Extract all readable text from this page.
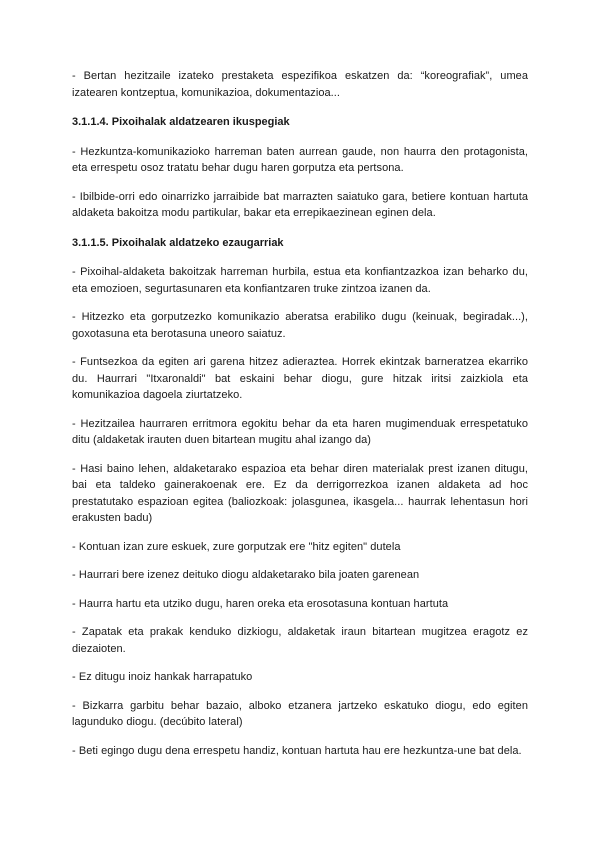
- Bertan hezitzaile izateko prestaketa espezifikoa eskatzen da: “koreografiak”, umea izatearen kontzeptua, komunikazioa, dokumentazioa...

3.1.1.4. Pixoihalak aldatzearen ikuspegiak

- Hezkuntza-komunikazioko harreman baten aurrean gaude, non haurra den protagonista, eta errespetu osoz tratatu behar dugu haren gorputza eta pertsona.

- Ibilbide-orri edo oinarrizko jarraibide bat marrazten saiatuko gara, betiere kontuan hartuta aldaketa bakoitza modu partikular, bakar eta errepikaezinean eginen dela.

3.1.1.5. Pixoihalak aldatzeko ezaugarriak

- Pixoihal-aldaketa bakoitzak harreman hurbila, estua eta konfiantzazkoa izan beharko du, eta emozioen, segurtasunaren eta konfiantzaren truke zintzoa izanen da.

- Hitzezko eta gorputzezko komunikazio aberatsa erabiliko dugu (keinuak, begiradak...), goxotasuna eta berotasuna uneoro saiatuz.

- Funtsezkoa da egiten ari garena hitzez adieraztea. Horrek ekintzak barneratzea ekarriko du. Haurrari "Itxaronaldi" bat eskaini behar diogu, gure hitzak iritsi zaizkiola eta komunikazioa dagoela ziurtatzeko.

- Hezitzailea haurraren erritmora egokitu behar da eta haren mugimenduak errespetatuko ditu (aldaketak irauten duen bitartean mugitu ahal izango da)

- Hasi baino lehen, aldaketarako espazioa eta behar diren materialak prest izanen ditugu, bai eta taldeko gainerakoenak ere. Ez da derrigorrezkoa izanen aldaketa ad hoc prestatutako espazioan egitea (baliozkoak: jolasgunea, ikasgela... haurrak lehentasun hori erakusten badu)

- Kontuan izan zure eskuek, zure gorputzak ere "hitz egiten" dutela

- Haurrari bere izenez deituko diogu aldaketarako bila joaten garenean

- Haurra hartu eta utziko dugu, haren oreka eta erosotasuna kontuan hartuta

- Zapatak eta prakak kenduko dizkiogu, aldaketak iraun bitartean mugitzea eragotz ez diezaioten.

- Ez ditugu inoiz hankak harrapatuko

- Bizkarra garbitu behar bazaio, alboko etzanera jartzeko eskatuko diogu, edo egiten lagunduko diogu. (decúbito lateral)

- Beti egingo dugu dena errespetu handiz, kontuan hartuta hau ere hezkuntza-une bat dela.
